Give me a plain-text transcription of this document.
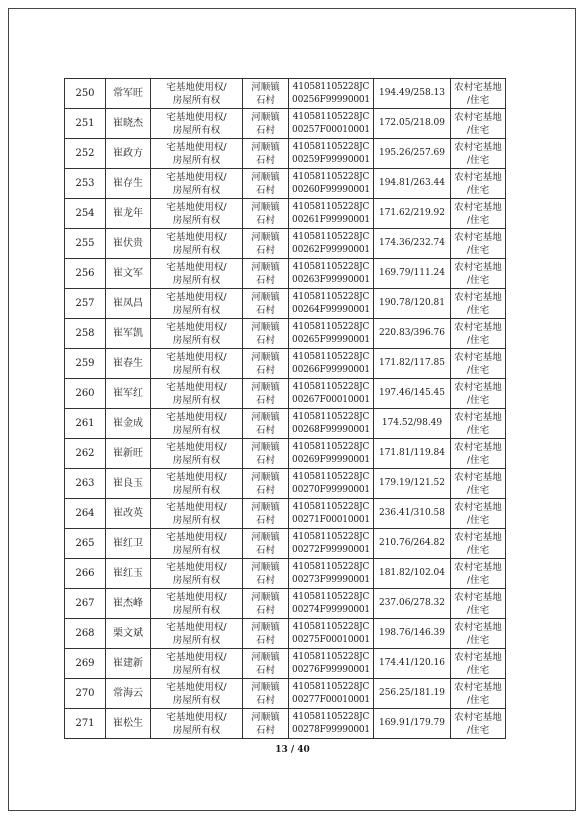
250	常军旺	宅基地使用权/
房屋所有权	河顺镇
石村	410581105228JC
00256F99990001	194.49/258.13	农村宅基地
/住宅

251	崔晓杰	宅基地使用权/
房屋所有权	河顺镇
石村	410581105228JC
00257F00010001	172.05/218.09	农村宅基地
/住宅

252	崔政方	宅基地使用权/
房屋所有权	河顺镇
石村	410581105228JC
00259F99990001	195.26/257.69	农村宅基地
/住宅

253	崔存生	宅基地使用权/
房屋所有权	河顺镇
石村	410581105228JC
00260F99990001	194.81/263.44	农村宅基地
/住宅

254	崔龙年	宅基地使用权/
房屋所有权	河顺镇
石村	410581105228JC
00261F99990001	171.62/219.92	农村宅基地
/住宅

255	崔伏贵	宅基地使用权/
房屋所有权	河顺镇
石村	410581105228JC
00262F99990001	174.36/232.74	农村宅基地
/住宅

256	崔文军	宅基地使用权/
房屋所有权	河顺镇
石村	410581105228JC
00263F99990001	169.79/111.24	农村宅基地
/住宅

257	崔凤昌	宅基地使用权/
房屋所有权	河顺镇
石村	410581105228JC
00264F99990001	190.78/120.81	农村宅基地
/住宅

258	崔军凯	宅基地使用权/
房屋所有权	河顺镇
石村	410581105228JC
00265F99990001	220.83/396.76	农村宅基地
/住宅

259	崔春生	宅基地使用权/
房屋所有权	河顺镇
石村	410581105228JC
00266F99990001	171.82/117.85	农村宅基地
/住宅

260	崔军红	宅基地使用权/
房屋所有权	河顺镇
石村	410581105228JC
00267F00010001	197.46/145.45	农村宅基地
/住宅

261	崔金成	宅基地使用权/
房屋所有权	河顺镇
石村	410581105228JC
00268F99990001	174.52/98.49	农村宅基地
/住宅

262	崔新旺	宅基地使用权/
房屋所有权	河顺镇
石村	410581105228JC
00269F99990001	171.81/119.84	农村宅基地
/住宅

263	崔良玉	宅基地使用权/
房屋所有权	河顺镇
石村	410581105228JC
00270F99990001	179.19/121.52	农村宅基地
/住宅

264	崔改英	宅基地使用权/
房屋所有权	河顺镇
石村	410581105228JC
00271F00010001	236.41/310.58	农村宅基地
/住宅

265	崔红卫	宅基地使用权/
房屋所有权	河顺镇
石村	410581105228JC
00272F99990001	210.76/264.82	农村宅基地
/住宅

266	崔红玉	宅基地使用权/
房屋所有权	河顺镇
石村	410581105228JC
00273F99990001	181.82/102.04	农村宅基地
/住宅

267	崔杰峰	宅基地使用权/
房屋所有权	河顺镇
石村	410581105228JC
00274F99990001	237.06/278.32	农村宅基地
/住宅

268	栗文斌	宅基地使用权/
房屋所有权	河顺镇
石村	410581105228JC
00275F00010001	198.76/146.39	农村宅基地
/住宅

269	崔建新	宅基地使用权/
房屋所有权	河顺镇
石村	410581105228JC
00276F99990001	174.41/120.16	农村宅基地
/住宅

270	常海云	宅基地使用权/
房屋所有权	河顺镇
石村	410581105228JC
00277F00010001	256.25/181.19	农村宅基地
/住宅

271	崔松生	宅基地使用权/
房屋所有权	河顺镇
石村	410581105228JC
00278F99990001	169.91/179.79	农村宅基地
/住宅
13 / 40
